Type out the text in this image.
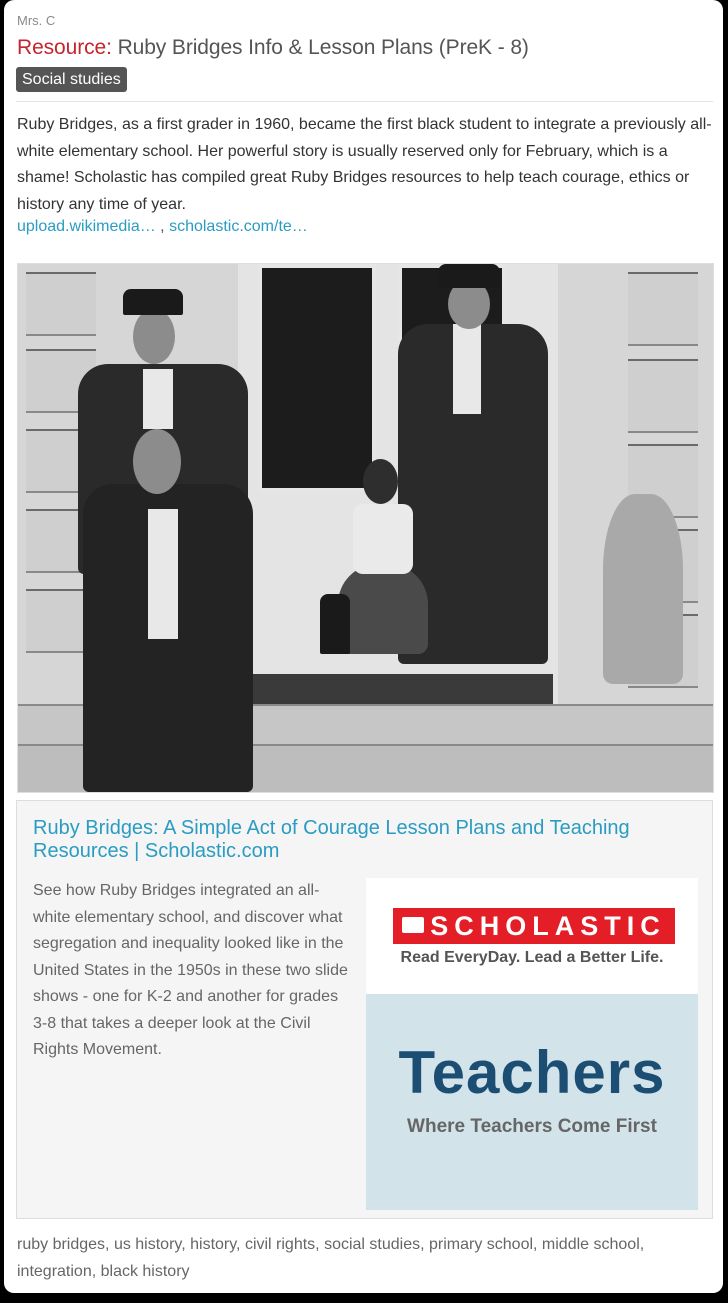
Mrs. C
Resource: Ruby Bridges Info & Lesson Plans (PreK - 8)
Social studies
Ruby Bridges, as a first grader in 1960, became the first black student to integrate a previously all-white elementary school. Her powerful story is usually reserved only for February, which is a shame! Scholastic has compiled great Ruby Bridges resources to help teach courage, ethics or history any time of year.
upload.wikimedia… , scholastic.com/te…
Ruby Bridges: A Simple Act of Courage Lesson Plans and Teaching Resources | Scholastic.com
See how Ruby Bridges integrated an all-white elementary school, and discover what segregation and inequality looked like in the United States in the 1950s in these two slide shows - one for K-2 and another for grades 3-8 that takes a deeper look at the Civil Rights Movement.
SCHOLASTIC
Read EveryDay. Lead a Better Life.
Teachers
Where Teachers Come First
ruby bridges, us history, history, civil rights, social studies, primary school, middle school, integration, black history
